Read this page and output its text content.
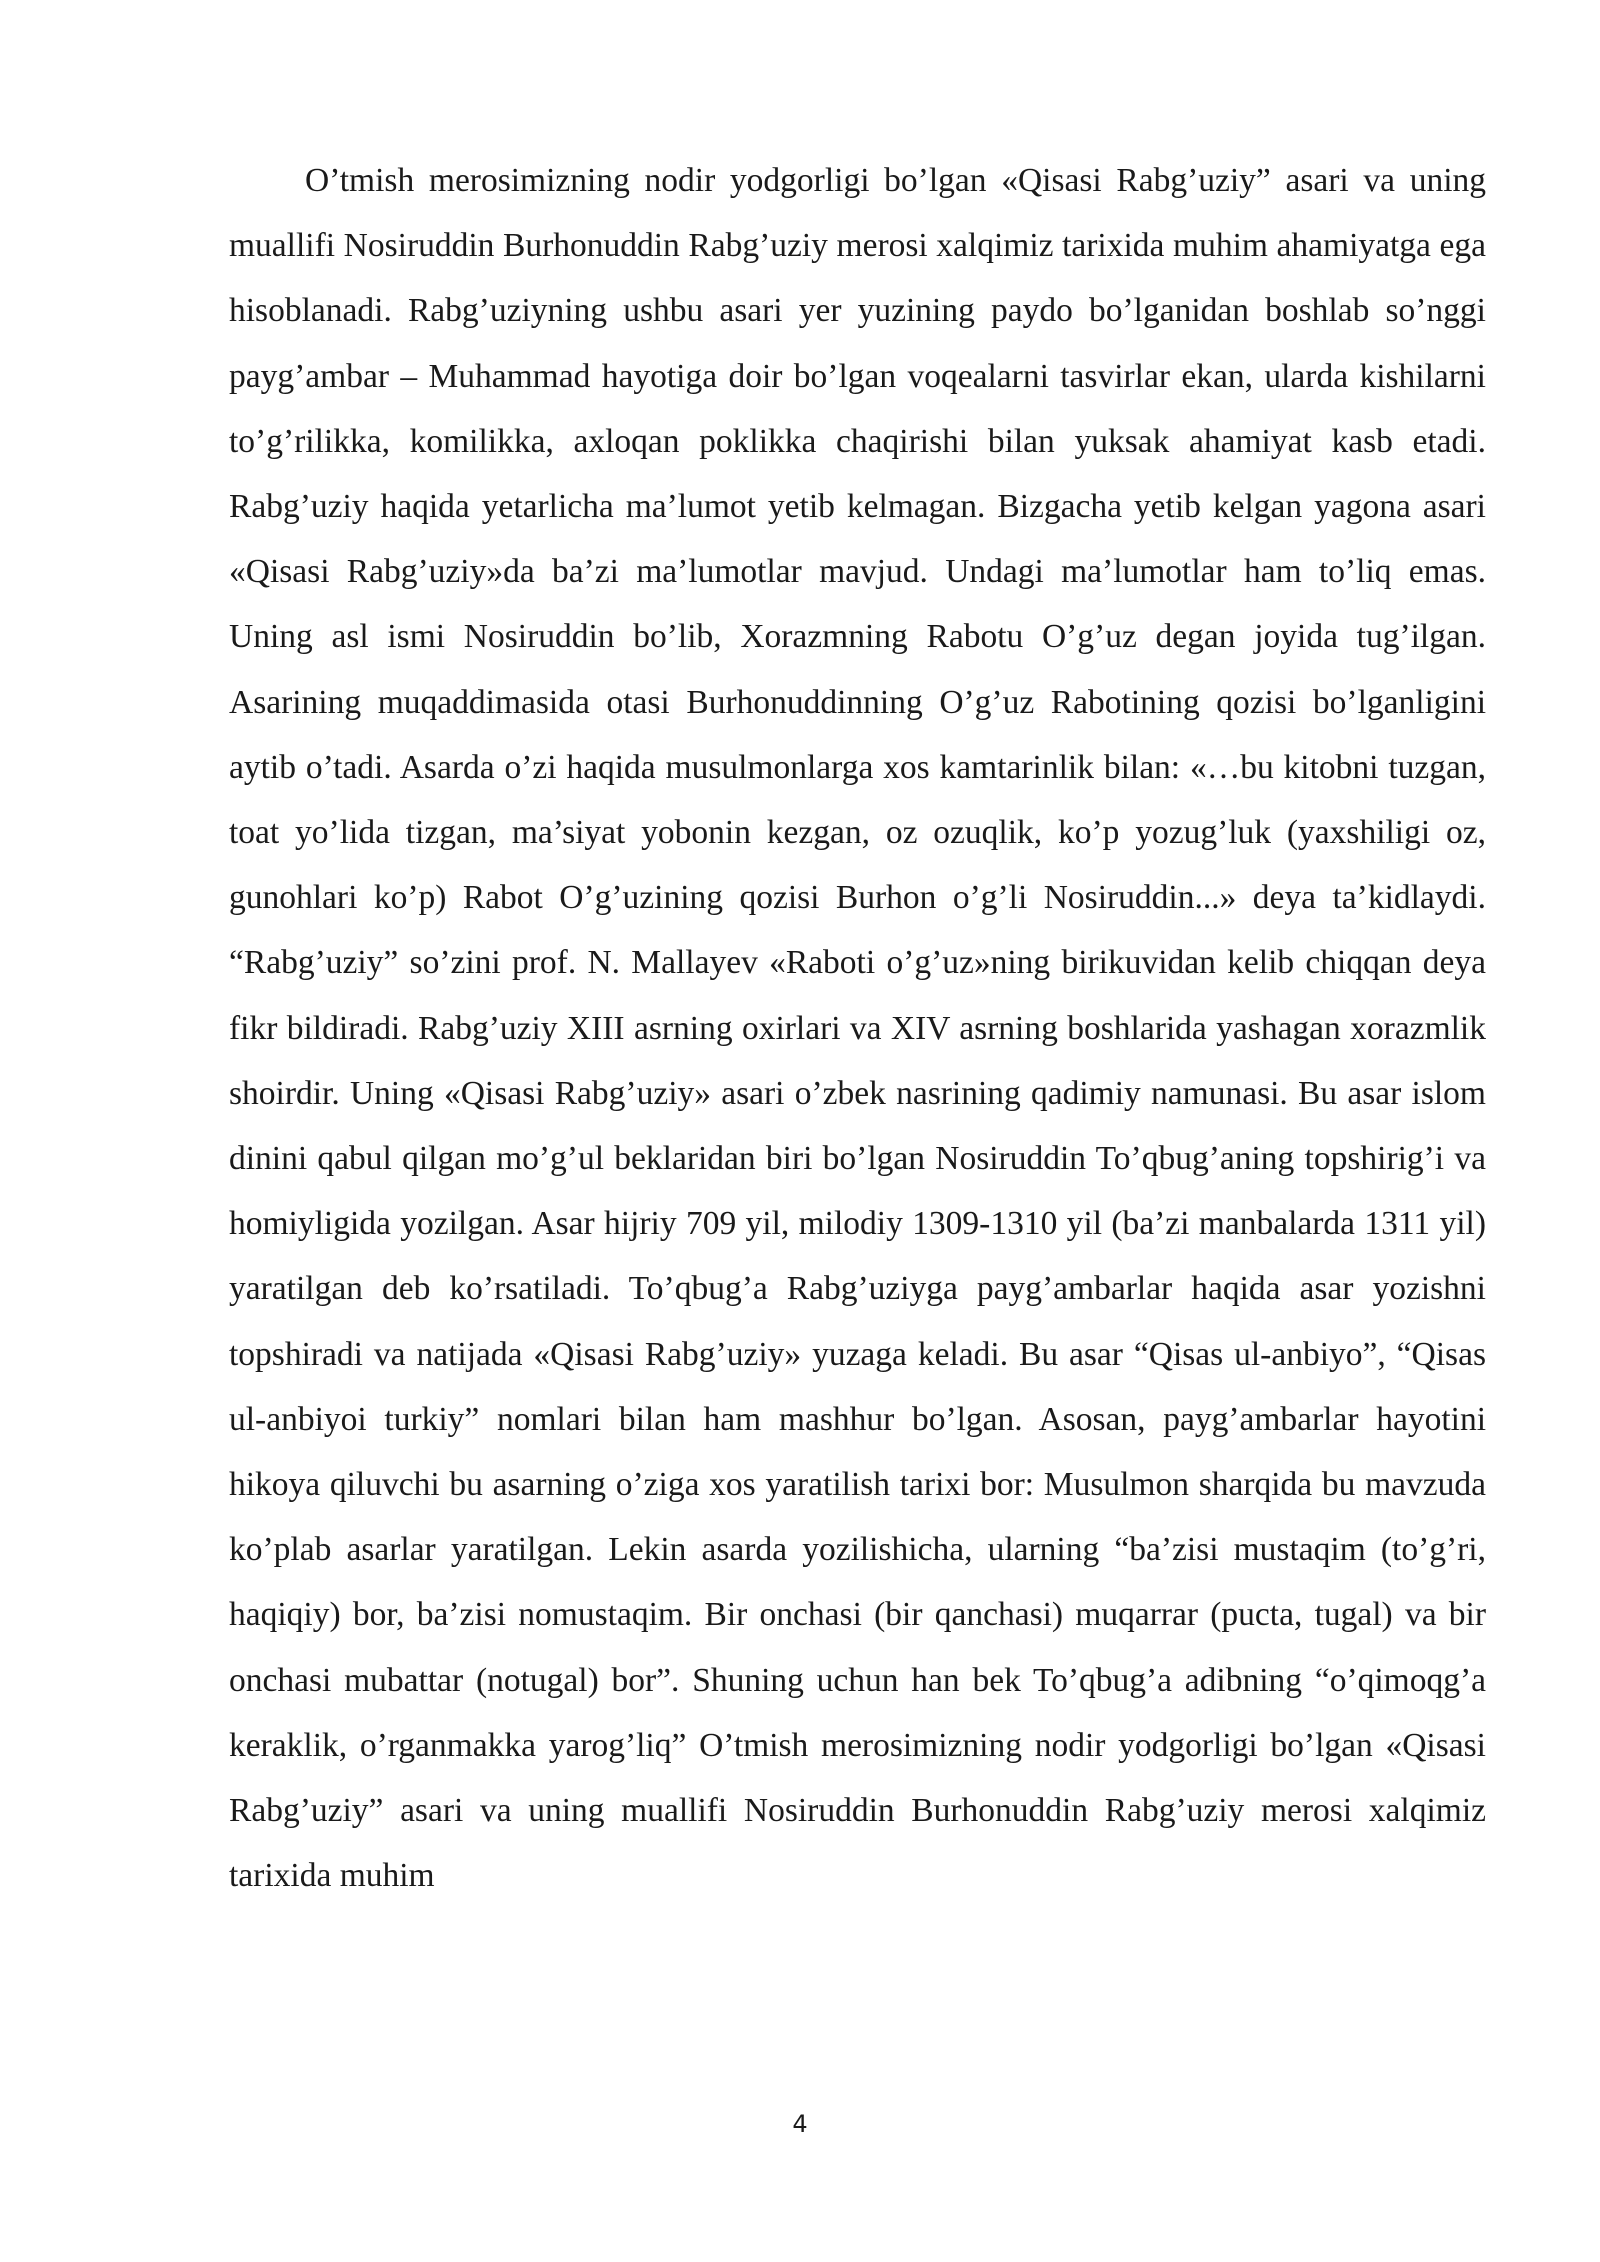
O’tmish merosimizning nodir yodgorligi bo’lgan «Qisasi Rabg’uziy” asari va uning muallifi Nosiruddin Burhonuddin Rabg’uziy merosi xalqimiz tarixida muhim ahamiyatga ega hisoblanadi. Rabg’uziyning ushbu asari yer yuzining paydo bo’lganidan boshlab so’nggi payg’ambar – Muhammad hayotiga doir bo’lgan voqealarni tasvirlar ekan, ularda kishilarni to’g’rilikka, komilikka, axloqan poklikka chaqirishi bilan yuksak ahamiyat kasb etadi. Rabg’uziy haqida yetarlicha ma’lumot yetib kelmagan. Bizgacha yetib kelgan yagona asari «Qisasi Rabg’uziy»da ba’zi ma’lumotlar mavjud. Undagi ma’lumotlar ham to’liq emas. Uning asl ismi Nosiruddin bo’lib, Xorazmning Rabotu O’g’uz degan joyida tug’ilgan. Asarining muqaddimasida otasi Burhonuddinning O’g’uz Rabotining qozisi bo’lganligini aytib o’tadi. Asarda o’zi haqida musulmonlarga xos kamtarinlik bilan: «…bu kitobni tuzgan, toat yo’lida tizgan, ma’siyat yobonin kezgan, oz ozuqlik, ko’p yozug’luk (yaxshiligi oz, gunohlari ko’p) Rabot O’g’uzining qozisi Burhon o’g’li Nosiruddin...» deya ta’kidlaydi. “Rabg’uziy” so’zini prof. N. Mallayev «Raboti o’g’uz»ning birikuvidan kelib chiqqan deya fikr bildiradi. Rabg’uziy XIII asrning oxirlari va XIV asrning boshlarida yashagan xorazmlik shoirdir. Uning «Qisasi Rabg’uziy» asari o’zbek nasrining qadimiy namunasi. Bu asar islom dinini qabul qilgan mo’g’ul beklaridan biri bo’lgan Nosiruddin To’qbug’aning topshirig’i va homiyligida yozilgan. Asar hijriy 709 yil, milodiy 1309-1310 yil (ba’zi manbalarda 1311 yil) yaratilgan deb ko’rsatiladi. To’qbug’a Rabg’uziyga payg’ambarlar haqida asar yozishni topshiradi va natijada «Qisasi Rabg’uziy» yuzaga keladi. Bu asar “Qisas ul-anbiyo”, “Qisas ul-anbiyoi turkiy” nomlari bilan ham mashhur bo’lgan. Asosan, payg’ambarlar hayotini hikoya qiluvchi bu asarning o’ziga xos yaratilish tarixi bor: Musulmon sharqida bu mavzuda ko’plab asarlar yaratilgan. Lekin asarda yozilishicha, ularning “ba’zisi mustaqim (to’g’ri, haqiqiy) bor, ba’zisi nomustaqim. Bir onchasi (bir qanchasi) muqarrar (pucta, tugal) va bir onchasi mubattar (notugal) bor”. Shuning uchun han bek To’qbug’a adibning “o’qimoqg’a keraklik, o’rganmakka yarog’liq” O’tmish merosimizning nodir yodgorligi bo’lgan «Qisasi Rabg’uziy” asari va uning muallifi Nosiruddin Burhonuddin Rabg’uziy merosi xalqimiz tarixida muhim

4
